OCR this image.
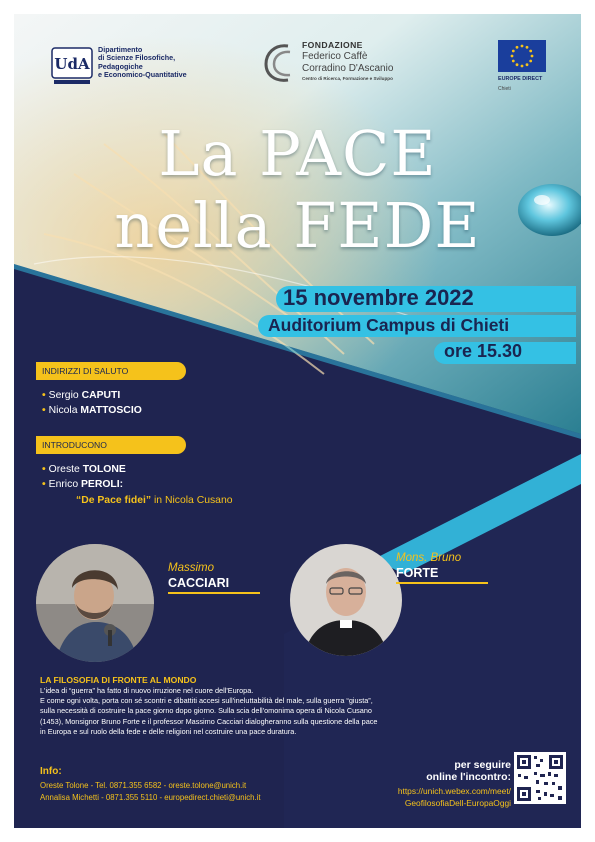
UdA
Dipartimento
di Scienze Filosofiche,
Pedagogiche
e Economico-Quantitative
FONDAZIONE
Federico Caffè
Corradino D'Ascanio
Centro di Ricerca, Formazione e Sviluppo	EUROPE DIRECT
Chieti
La PACE
nella FEDE
15 novembre 2022
Auditorium Campus di Chieti
ore 15.30
INDIRIZZI DI SALUTO
• Sergio CAPUTI
• Nicola MATTOSCIO
INTRODUCONO
• Oreste TOLONE
• Enrico PEROLI:
“De Pace fidei” in Nicola Cusano
Massimo
CACCIARI
Mons. Bruno
FORTE
LA FILOSOFIA DI FRONTE AL MONDO
L'idea di “guerra” ha fatto di nuovo irruzione nel cuore dell'Europa.
E come ogni volta, porta con sé scontri e dibattiti accesi sull'ineluttabilità del male, sulla guerra “giusta”,
sulla necessità di costruire la pace giorno dopo giorno. Sulla scia dell'omonima opera di Nicola Cusano
(1453), Monsignor Bruno Forte e il professor Massimo Cacciari dialogheranno sulla questione della pace
in Europa e sul ruolo della fede e delle religioni nel costruire una pace duratura.
Info:
Oreste Tolone - Tel. 0871.355 6582 - oreste.tolone@unich.it
Annalisa Michetti - 0871.355 5110 - europedirect.chieti@unich.it
per seguire
online l'incontro:
https://unich.webex.com/meet/
GeofilosofiaDell-EuropaOggi
